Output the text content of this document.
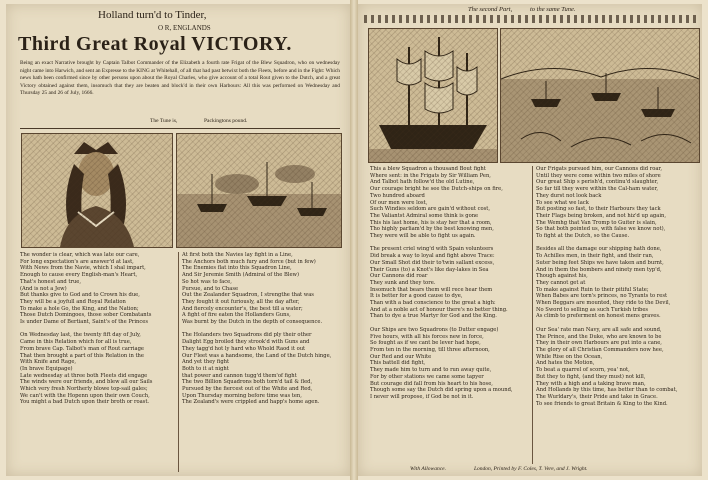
Holland turn'd to Tinder,
O R, ENGLANDS
Third Great Royal VICTORY.
Being an exact Narrative brought by Captain Talbot Commander of the Elizabeth a fourth rate Frigat of the Blew Squadron, who on wednesday night came into Harwich, and sent an Expresse to the KING at Whitehall, of all that had past betwixt both the Fleets, before and in the Fight: Which news hath been confirmed since by other persons upon about the Royal Charles, who give account of a total Rout given to the Dutch, and a great Victory obtained against them, insomuch that they are beaten and block'd in their own Harbours: All this was performed on Wednesday and Thursday 25 and 26 of July, 1666.
The Tune is,	Packingtons pound.
The wonder is clear, which was late our care,
For long expectation's are answer'd at last,
With News from the Navie, which I shal impart,
Enough to cause every English-man's Heart,
That's honest and true,
(And is not a Jew)
But thanks give to God and to Crown his due,
They will be a joyfull and Royal Relation
To make a hole Go, the King, and the Nation;
Those Dutch Domingoes, those sober Combatants
Is under Dame of Bertiant, Saint's of the Princes

On Wednesday last, the twenty fift day of July,
Came in this Relation which for all is true,
From brave Cap. Talbot's man of Rout carriage
That then brought a part of this Relation in the
With Knife and Rage,
(In brave Equipage)
Late wednesday at three both Fleets did engage
The winds were our friends, and blew all our Sails
Which very fresh Northerly blowe top-sail gales;
We can't with the Hopenn upon their own Couch,
You might a bad Dutch upon their broth or roast.
At first both the Navies lay fight in a Line,
The Anchors both much fury and force (but in few)
The Enemies flat into this Squadron Line,
And Sir Jeremie Smith (Admiral of the Blew)
So hot was to face,
Pursue, and to Chase
Out the Zealander Squadron, I strengthe that was
They fought it out furiously, all the day after,
And fiercely encounter's, the best till a water;
A fight of fire eaten the Hollanders Guns,
Was burnt by the Dutch in the depth of consequence.

The Holanders two Squadrons did ply their other
Dalight Egg broiled they strook'd with Guns and
They tagg'd hot ly hard who Whold Raod it out
Our Fleet was a handsome, the Land of the Dutch hinge,
And yet they fight
Both to it at night
that power and cannon tugg'd them'of fight
The two Billion Squadrons both torn'd tail & fled,
Pursued by the fiercest out of the White and Red,
Upon Thursday morning before time was ten,
The Zealand's were crippled and happ's home agen.
The second Part,	to the same Tune.
This a blew Squadron a thousand Bout fight
Where sent: in the Frigats by Sir William Pen,
And Talbot hath follow'd the old Lutine,
Our courage bright he see the Dutch-ships on fire,
Two hundred aboard
Of our men were lost,
Such Windies seldom are gain'd without cost,
The Valiantst Admiral some think is gone
This his last home, his is stay her that a room,
Tho highly parliam'd by the best knowing men,
They were will be able to fight us again.

The present criel wing'd with Spain volunteers
Did break a way to loyal and fight above Trace:
Our Small Shot did their to'twin sallant excess,
Their Guns (to) a Knot's like day-lakes in Sea
Our Cannons did roar
They sunk and they tore.
Insomuch that bears them will rece hear them
It is better for a good cause to dye,
Than with a bad conscience to the great a high:
And at a noble act of honour there's no better thing.
Than to dye a true Martyr for God and the King.

Our Ships are two Squadrons (to Dutter engage)
Five hours, with all his forces new in force,
So fought as if we cant be lever had hope,
From ten in the morning, till three afternoon,
Our Red and our White
This battell did fight,
They made him to turn and to run away quite,
For by other stations we came some tapyer
But courage did fall from his heart to his hose,
Though some say the Dutch did spring upon a mound,
I never will propose, if God be not in it.
Our Frigats pursued him, our Cannons did roar,
Until they were come within two miles of shore
Our great Ship s perish'd, continu'd slaughter,
So far till they were within the Cal-ham water,
They durst not look back
To see what we lack
But posting so fast, to their Harbours they tack
Their Flags being broken, and not hiz'd up again,
The Wemhg that Van Tromp to Guiter is slain,
So that both pointed us, with false we know not),
To fight at the Dutch, so the Cause.

Besides all the damage our shipping hath done,
To Achilles men, in their fight, and their ran,
Suter being feet Ships we have taken and burnt,
And in them the bombers and ninety men typ'd,
Though against his,
They cannot get at
To make against Ruin to their pitiful State;
When Babes are torn's princes, no Tyrants to rest
When Beggars are mounted, they ride to the Devil,
No Sword to selling as such Turkish tribes
As climb to preferment on honest mens graves.

Our Sea' rate man Navy, are all safe and sound,
The Prince, and the Duke, who are known to be
They in their own Harbours are put into a cane,
The glory of all Christian Commanders now hee,
While Rise on the Ocean,
And hates the Motion,
To beat a quarrel of scorn, yea' not,
But they to fight, (and they must) not kill,
They with a high and a taking brave man,
And Hollands by this time, has better than to combat,
The Wurldary's, their Pride and take in Grace.
To see friends to great Britain & King to the Kind.
With Allowance.	London, Printed by F. Coles, T. Vere, and J. Wright.
